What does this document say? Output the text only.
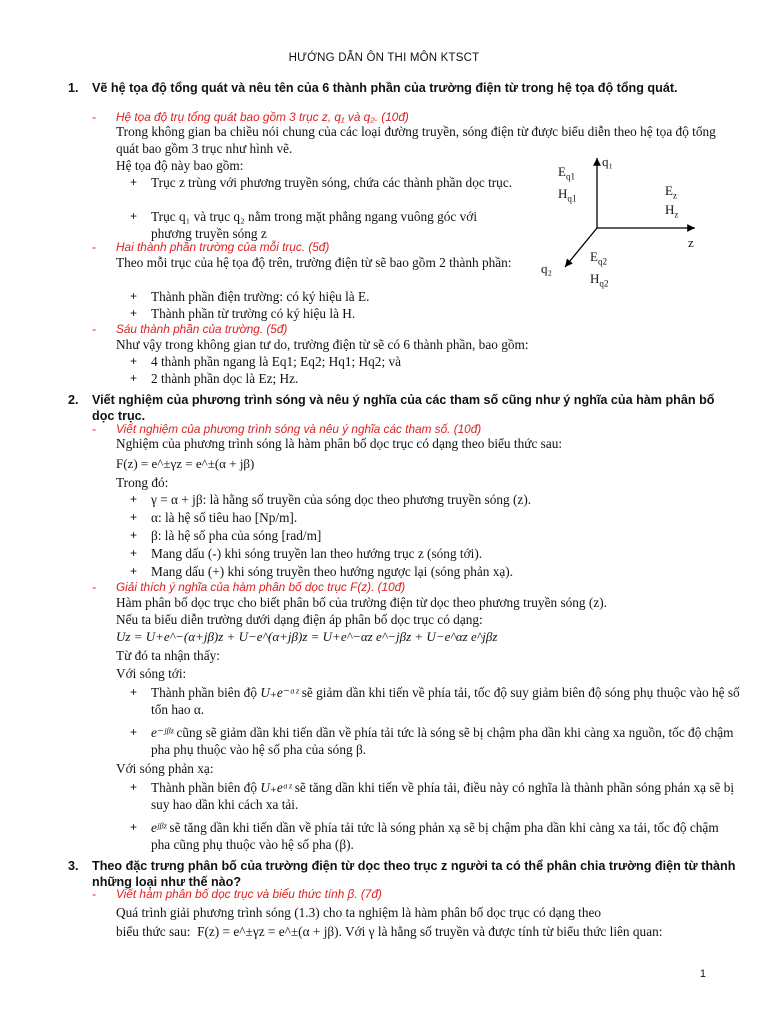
HƯỚNG DẪN ÔN THI MÔN KTSCT
1. Vẽ hệ tọa độ tổng quát và nêu tên của 6 thành phần của trường điện từ trong hệ tọa độ tổng quát.
- Hệ tọa độ trụ tổng quát bao gồm 3 trục z, q₁ và q₂. (10đ)
Trong không gian ba chiều nói chung của các loại đường truyền, sóng điện từ được biểu diễn theo hệ tọa độ tổng quát bao gồm 3 trục như hình vẽ.
Hệ tọa độ này bao gồm:
+ Trục z trùng với phương truyền sóng, chứa các thành phần dọc trục.
+ Trục q₁ và trục q₂ nằm trong mặt phẳng ngang vuông góc với phương truyền sóng z
- Hai thành phần trường của mỗi trục. (5đ)
Theo mỗi trục của hệ tọa độ trên, trường điện từ sẽ bao gồm 2 thành phần:
+ Thành phần điện trường: có ký hiệu là E.
+ Thành phần từ trường có ký hiệu là H.
- Sáu thành phần của trường. (5đ)
Như vậy trong không gian tư do, trường điện từ sẽ có 6 thành phần, bao gồm:
+ 4 thành phần ngang là Eq1; Eq2; Hq1; Hq2; và
+ 2 thành phần dọc là Ez; Hz.
q₁
$E_{q1}$
$H_{q1}$
$E_z$
$H_z$
z
q₂
$E_{q2}$
$H_{q2}$
2. Viết nghiệm của phương trình sóng và nêu ý nghĩa của các tham số cũng như ý nghĩa của hàm phân bố dọc trục.
- Viết nghiệm của phương trình sóng và nêu ý nghĩa các tham số. (10đ)
Nghiệm của phương trình sóng là hàm phân bố dọc trục có dạng theo biểu thức sau:
F(z) = e^±γz = e^±(α + jβ)
Trong đó:
+ γ = α + jβ: là hằng số truyền của sóng dọc theo phương truyền sóng (z).
+ α: là hệ số tiêu hao [Np/m].
+ β: là hệ số pha của sóng [rad/m]
+ Mang dấu (-) khi sóng truyền lan theo hướng trục z (sóng tới).
+ Mang dấu (+) khi sóng truyền theo hướng ngược lại (sóng phản xạ).
- Giải thích ý nghĩa của hàm phân bố dọc trục F(z). (10đ)
Hàm phân bố dọc trục cho biết phân bố của trường điện từ dọc theo phương truyền sóng (z).
Nếu ta biểu diễn trường dưới dạng điện áp phân bố dọc trục có dạng:
Uz = U+e^−(α+jβ)z + U−e^(α+jβ)z = U+e^−αz e^−jβz + U−e^αz e^jβz
Từ đó ta nhận thấy:
Với sóng tới:
+ Thành phần biên độ U₊e⁻ᵅᶻ sẽ giảm dần khi tiến về phía tải, tốc độ suy giảm biên độ sóng phụ thuộc vào hệ số tổn hao α.
+ e⁻ʲᵝᶻ cũng sẽ giảm dần khi tiến dần về phía tải tức là sóng sẽ bị chậm pha dần khi càng xa nguồn, tốc độ chậm pha phụ thuộc vào hệ số pha của sóng β.
Với sóng phản xạ:
+ Thành phần biên độ U₊eᵅᶻ sẽ tăng dần khi tiến về phía tải, điều này có nghĩa là thành phần sóng phản xạ sẽ bị suy hao dần khi cách xa tải.
+ eʲᵝᶻ sẽ tăng dần khi tiến dần về phía tải tức là sóng phản xạ sẽ bị chậm pha dần khi càng xa tải, tốc độ chậm pha cũng phụ thuộc vào hệ số pha (β).
3. Theo đặc trưng phân bố của trường điện từ dọc theo trục z người ta có thể phân chia trường điện từ thành những loại như thế nào?
- Viết hàm phân bố dọc trục và biểu thức tính β. (7đ)
Quá trình giải phương trình sóng (1.3) cho ta nghiệm là hàm phân bố dọc trục có dạng theo
biểu thức sau: F(z) = e^±γz = e^±(α + jβ). Với γ là hằng số truyền và được tính từ biểu thức liên quan:
1
